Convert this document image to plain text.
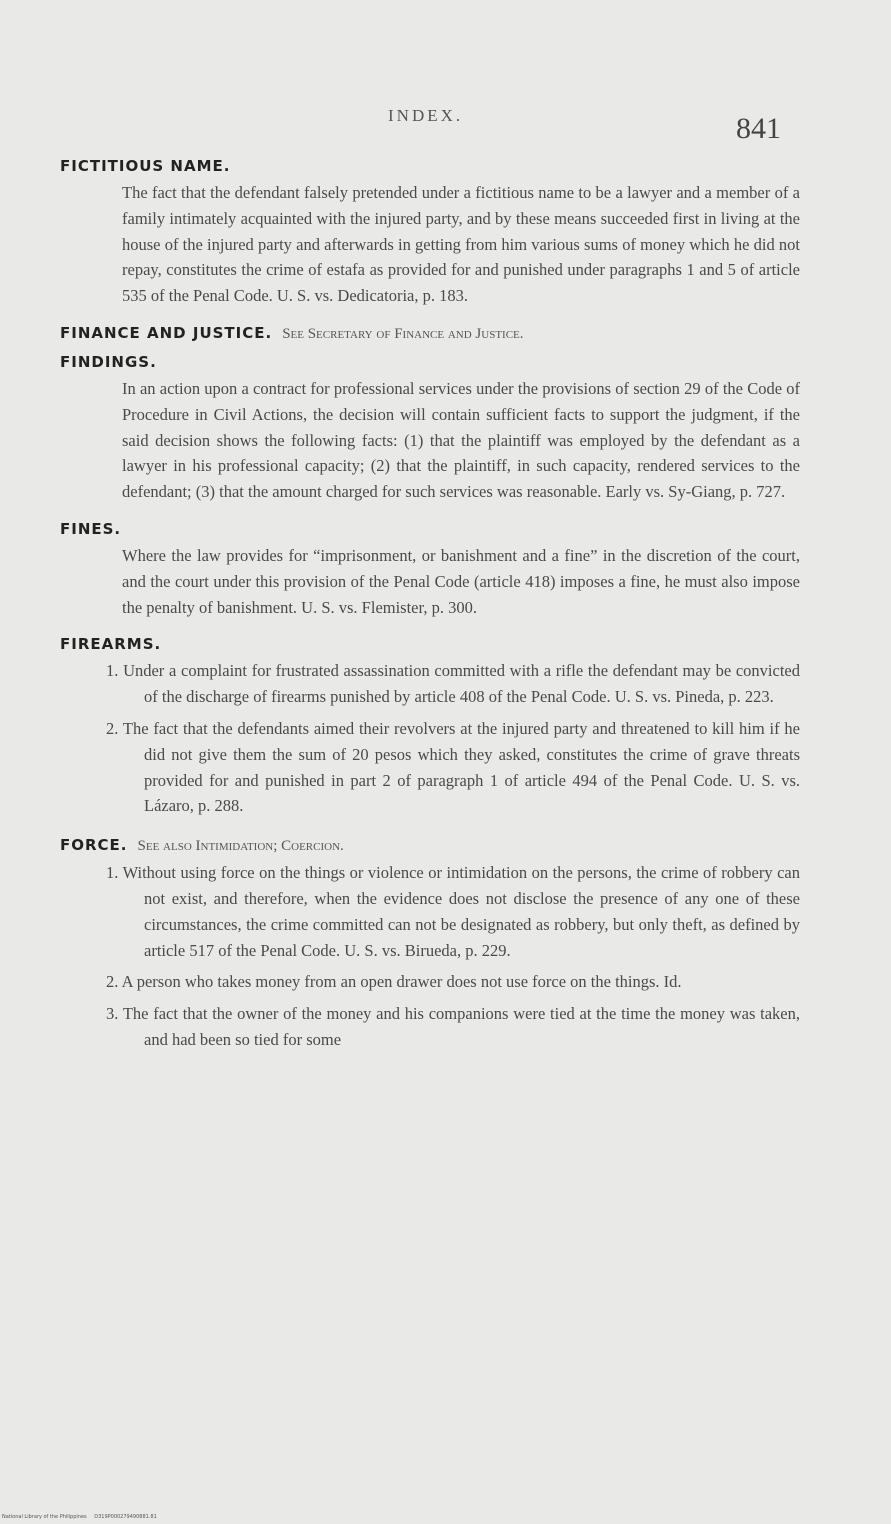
INDEX.	841
FICTITIOUS NAME.
The fact that the defendant falsely pretended under a fictitious name to be a lawyer and a member of a family intimately acquainted with the injured party, and by these means succeeded first in living at the house of the injured party and afterwards in getting from him various sums of money which he did not repay, constitutes the crime of estafa as provided for and punished under paragraphs 1 and 5 of article 535 of the Penal Code. U. S. vs. Dedicatoria, p. 183.
FINANCE AND JUSTICE. See Secretary of Finance and Justice.
FINDINGS.
In an action upon a contract for professional services under the provisions of section 29 of the Code of Procedure in Civil Actions, the decision will contain sufficient facts to support the judgment, if the said decision shows the following facts: (1) that the plaintiff was employed by the defendant as a lawyer in his professional capacity; (2) that the plaintiff, in such capacity, rendered services to the defendant; (3) that the amount charged for such services was reasonable. Early vs. Sy-Giang, p. 727.
FINES.
Where the law provides for “imprisonment, or banishment and a fine” in the discretion of the court, and the court under this provision of the Penal Code (article 418) imposes a fine, he must also impose the penalty of banishment. U. S. vs. Flemister, p. 300.
FIREARMS.
1. Under a complaint for frustrated assassination committed with a rifle the defendant may be convicted of the discharge of firearms punished by article 408 of the Penal Code. U. S. vs. Pineda, p. 223.
2. The fact that the defendants aimed their revolvers at the injured party and threatened to kill him if he did not give them the sum of 20 pesos which they asked, constitutes the crime of grave threats provided for and punished in part 2 of paragraph 1 of article 494 of the Penal Code. U. S. vs. Lázaro, p. 288.
FORCE. See also Intimidation; Coercion.
1. Without using force on the things or violence or intimidation on the persons, the crime of robbery can not exist, and therefore, when the evidence does not disclose the presence of any one of these circumstances, the crime committed can not be designated as robbery, but only theft, as defined by article 517 of the Penal Code. U. S. vs. Birueda, p. 229.
2. A person who takes money from an open drawer does not use force on the things. Id.
3. The fact that the owner of the money and his companions were tied at the time the money was taken, and had been so tied for some
National Library of the Philippines D319P000279490881.81
